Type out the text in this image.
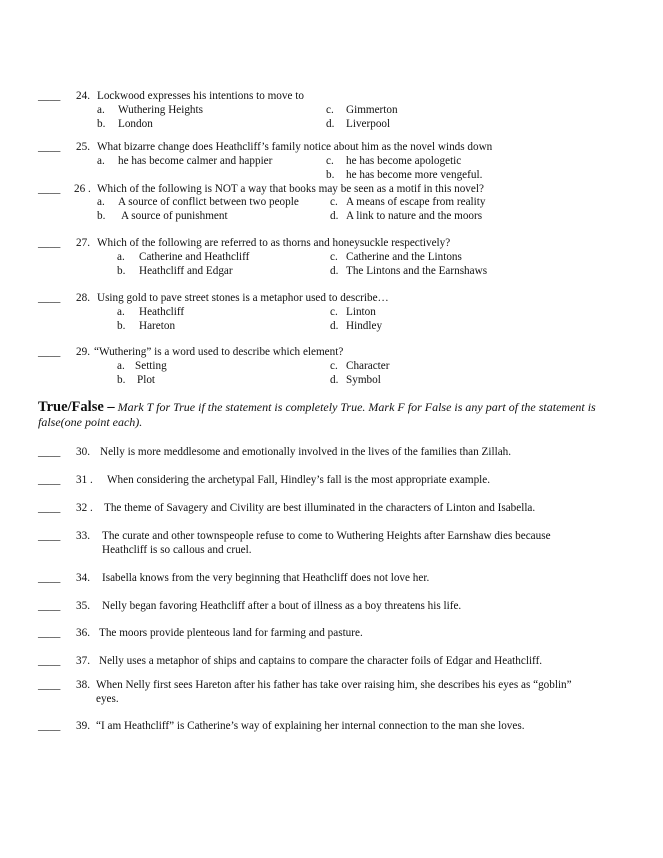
____ 24. Lockwood expresses his intentions to move to
a. Wuthering Heights	c. Gimmerton
b. London	d. Liverpool
____ 25. What bizarre change does Heathcliff’s family notice about him as the novel winds down
a. he has become calmer and happier	c. he has become apologetic
b. he has become more vengeful.
____ 26 . Which of the following is NOT a way that books may be seen as a motif in this novel?
a. A source of conflict between two people	c. A means of escape from reality
b. A source of punishment	d. A link to nature and the moors
____ 27. Which of the following are referred to as thorns and honeysuckle respectively?
a. Catherine and Heathcliff	c. Catherine and the Lintons
b. Heathcliff and Edgar	d. The Lintons and the Earnshaws
____ 28. Using gold to pave street stones is a metaphor used to describe…
a. Heathcliff	c. Linton
b. Hareton	d. Hindley
____ 29. “Wuthering” is a word used to describe which element?
a. Setting	c. Character
b. Plot	d. Symbol
True/False – Mark T for True if the statement is completely True. Mark F for False is any part of the statement is false(one point each).
____ 30. Nelly is more meddlesome and emotionally involved in the lives of the families than Zillah.
____ 31 . When considering the archetypal Fall, Hindley’s fall is the most appropriate example.
____ 32 . The theme of Savagery and Civility are best illuminated in the characters of Linton and Isabella.
____ 33. The curate and other townspeople refuse to come to Wuthering Heights after Earnshaw dies because
Heathcliff is so callous and cruel.
____ 34. Isabella knows from the very beginning that Heathcliff does not love her.
____ 35. Nelly began favoring Heathcliff after a bout of illness as a boy threatens his life.
____ 36. The moors provide plenteous land for farming and pasture.
____ 37. Nelly uses a metaphor of ships and captains to compare the character foils of Edgar and Heathcliff.
____ 38. When Nelly first sees Hareton after his father has take over raising him, she describes his eyes as “goblin”
eyes.
____ 39. “I am Heathcliff” is Catherine’s way of explaining her internal connection to the man she loves.
